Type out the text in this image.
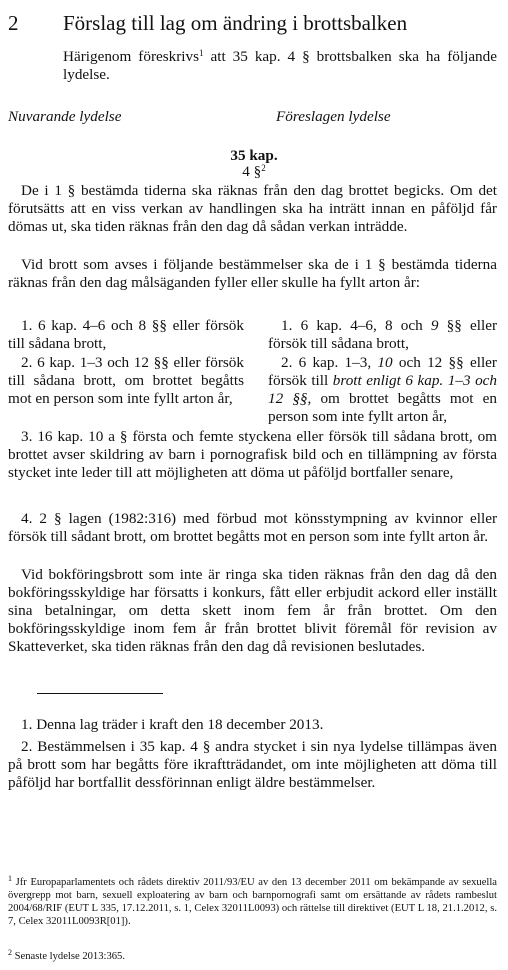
2 Förslag till lag om ändring i brottsbalken
Härigenom föreskrivs$^1$ att 35 kap. 4 § brottsbalken ska ha följande lydelse.
Nuvarande lydelse	Föreslagen lydelse
35 kap.
4 §$^2$
De i 1 § bestämda tiderna ska räknas från den dag brottet begicks. Om det förutsätts att en viss verkan av handlingen ska ha inträtt innan en påföljd får dömas ut, ska tiden räknas från den dag då sådan verkan inträdde.
Vid brott som avses i följande bestämmelser ska de i 1 § bestämda tiderna räknas från den dag målsäganden fyller eller skulle ha fyllt arton år:
1. 6 kap. 4–6 och 8 §§ eller försök till sådana brott,
1. 6 kap. 4–6, 8 och 9 §§ eller försök till sådana brott,
2. 6 kap. 1–3 och 12 §§ eller försök till sådana brott, om brottet begåtts mot en person som inte fyllt arton år,
2. 6 kap. 1–3, 10 och 12 §§ eller försök till brott enligt 6 kap. 1–3 och 12 §§, om brottet begåtts mot en person som inte fyllt arton år,
3. 16 kap. 10 a § första och femte styckena eller försök till sådana brott, om brottet avser skildring av barn i pornografisk bild och en tillämpning av första stycket inte leder till att möjligheten att döma ut påföljd bortfaller senare,
4. 2 § lagen (1982:316) med förbud mot könsstympning av kvinnor eller försök till sådant brott, om brottet begåtts mot en person som inte fyllt arton år.
Vid bokföringsbrott som inte är ringa ska tiden räknas från den dag då den bokföringsskyldige har försatts i konkurs, fått eller erbjudit ackord eller inställt sina betalningar, om detta skett inom fem år från brottet. Om den bokföringsskyldige inom fem år från brottet blivit föremål för revision av Skatteverket, ska tiden räknas från den dag då revisionen beslutades.
1. Denna lag träder i kraft den 18 december 2013.
2. Bestämmelsen i 35 kap. 4 § andra stycket i sin nya lydelse tillämpas även på brott som har begåtts före ikraftträdandet, om inte möjligheten att döma till påföljd har bortfallit dessförinnan enligt äldre bestämmelser.
$^1$ Jfr Europaparlamentets och rådets direktiv 2011/93/EU av den 13 december 2011 om bekämpande av sexuella övergrepp mot barn, sexuell exploatering av barn och barnpornografi samt om ersättande av rådets rambeslut 2004/68/RIF (EUT L 335, 17.12.2011, s. 1, Celex 32011L0093) och rättelse till direktivet (EUT L 18, 21.1.2012, s. 7, Celex 32011L0093R[01]).
$^2$ Senaste lydelse 2013:365.
